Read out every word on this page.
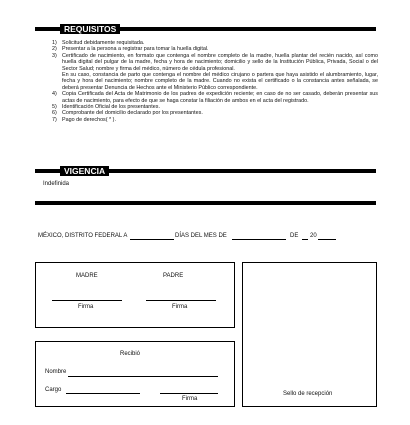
REQUISITOS
1) Solicitud debidamente requisitada.
2) Presentar a la persona a registrar para tomar la huella digital.
3) Certificado de nacimiento, en formato que contenga el nombre completo de la madre, huella plantar del recién nacido, así como huella digital del pulgar de la madre, fecha y hora de nacimiento; domicilio y sello de la Institución Pública, Privada, Social o del Sector Salud; nombre y firma del médico, número de cédula profesional.
En su caso, constancia de parto que contenga el nombre del médico cirujano o partera que haya asistido el alumbramiento, lugar, fecha y hora del nacimiento; nombre completo de la madre. Cuando no exista el certificado o la constancia antes señalada, se deberá presentar Denuncia de Hechos ante el Ministerio Público correspondiente.
4) Copia Certificada del Acta de Matrimonio de los padres de expedición reciente; en caso de no ser casado, deberán presentar sus actas de nacimiento, para efecto de que se haga constar la filiación de ambos en el acta del registrado.
5) Identificación Oficial de los presentantes.
6) Comprobante del domicilio declarado por los presentantes.
7) Pago de derechos( * ).
VIGENCIA
Indefinida
MÉXICO, DISTRITO FEDERAL A	DÍAS DEL MES DE	DE 20
MADRE	PADRE
Firma	Firma
Recibió
Nombre
Cargo
Firma
Sello de recepción
